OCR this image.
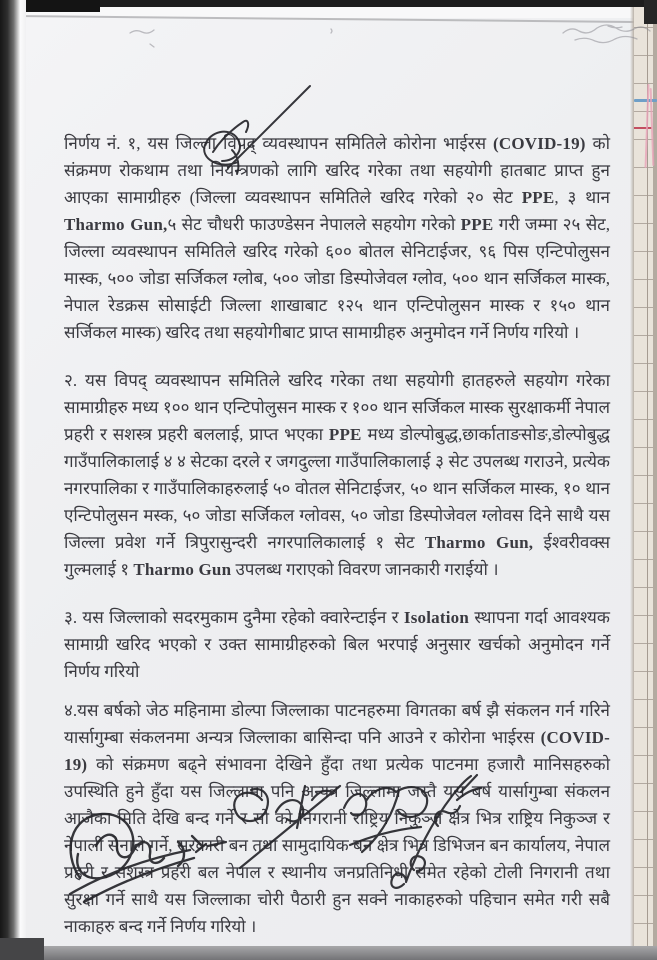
निर्णय नं. १, यस जिल्ला विपद् व्यवस्थापन समितिले कोरोना भाईरस (COVID-19) को संक्रमण रोकथाम तथा नियन्त्रणको लागि खरिद गरेका तथा सहयोगी हातबाट प्राप्त हुन आएका सामाग्रीहरु (जिल्ला व्यवस्थापन समितिले खरिद गरेको २० सेट PPE, ३ थान Tharmo Gun,५ सेट चौधरी फाउण्डेसन नेपालले सहयोग गरेको PPE गरी जम्मा २५ सेट, जिल्ला व्यवस्थापन समितिले खरिद गरेको ६०० बोतल सेनिटाईजर, ९६ पिस एन्टिपोलुसन मास्क, ५०० जोडा सर्जिकल ग्लोब, ५०० जोडा डिस्पोजेवल ग्लोव, ५०० थान सर्जिकल मास्क, नेपाल रेडक्रस सोसाईटी जिल्ला शाखाबाट १२५ थान एन्टिपोलुसन मास्क र १५० थान सर्जिकल मास्क) खरिद तथा सहयोगीबाट प्राप्त सामाग्रीहरु अनुमोदन गर्ने निर्णय गरियो ।

२. यस विपद् व्यवस्थापन समितिले खरिद गरेका तथा सहयोगी हातहरुले सहयोग गरेका सामाग्रीहरु मध्य १०० थान एन्टिपोलुसन मास्क र १०० थान सर्जिकल मास्क सुरक्षाकर्मी नेपाल प्रहरी र सशस्त्र प्रहरी बललाई, प्राप्त भएका PPE मध्य डोल्पोबुद्ध,छार्काताङसोङ,डोल्पोबुद्ध गाउँपालिकालाई ४ ४ सेटका दरले र जगदुल्ला गाउँपालिकालाई ३ सेट उपलब्ध गराउने, प्रत्येक नगरपालिका र गाउँपालिकाहरुलाई ५० वोतल सेनिटाईजर, ५० थान सर्जिकल मास्क, १० थान एन्टिपोलुसन मस्क, ५० जोडा सर्जिकल ग्लोवस, ५० जोडा डिस्पोजेवल ग्लोवस दिने साथै यस जिल्ला प्रवेश गर्ने त्रिपुरासुन्दरी नगरपालिकालाई १ सेट Tharmo Gun, ईश्वरीवक्स गुल्मलाई १ Tharmo Gun उपलब्ध गराएको विवरण जानकारी गराईयो ।

३. यस जिल्लाको सदरमुकाम दुनैमा रहेको क्वारेन्टाईन र Isolation स्थापना गर्दा आवश्यक सामाग्री खरिद भएको र उक्त सामाग्रीहरुको बिल भरपाई अनुसार खर्चको अनुमोदन गर्ने निर्णय गरियो

४.यस बर्षको जेठ महिनामा डोल्पा जिल्लाका पाटनहरुमा विगतका बर्ष झै संकलन गर्न गरिने यार्सागुम्बा संकलनमा अन्यत्र जिल्लाका बासिन्दा पनि आउने र कोरोना भाईरस (COVID-19) को संक्रमण बढ्ने संभावना देखिने हुँदा तथा प्रत्येक पाटनमा हजारौ मानिसहरुको उपस्थिति हुने हुँदा यस जिल्लामा पनि अन्यत्र जिल्लामा जस्तै यस बर्ष यार्सागुम्बा संकलन आजैका मिति देखि बन्द गर्ने र सो को निगरानी राष्ट्रिय निकुञ्ज क्षेत्र भित्र राष्ट्रिय निकुञ्ज र नेपाली सेनाले गर्ने, सरकारी बन तथा सामुदायिक बन क्षेत्र भित्र डिभिजन बन कार्यालय, नेपाल प्रहरी र सशस्त्र प्रहरी बल नेपाल र स्थानीय जनप्रतिनिधी समेत रहेको टोली निगरानी तथा सुरक्षा गर्ने साथै यस जिल्लाका चोरी पैठारी हुन सक्ने नाकाहरुको पहिचान समेत गरी सबै नाकाहरु बन्द गर्ने निर्णय गरियो ।
